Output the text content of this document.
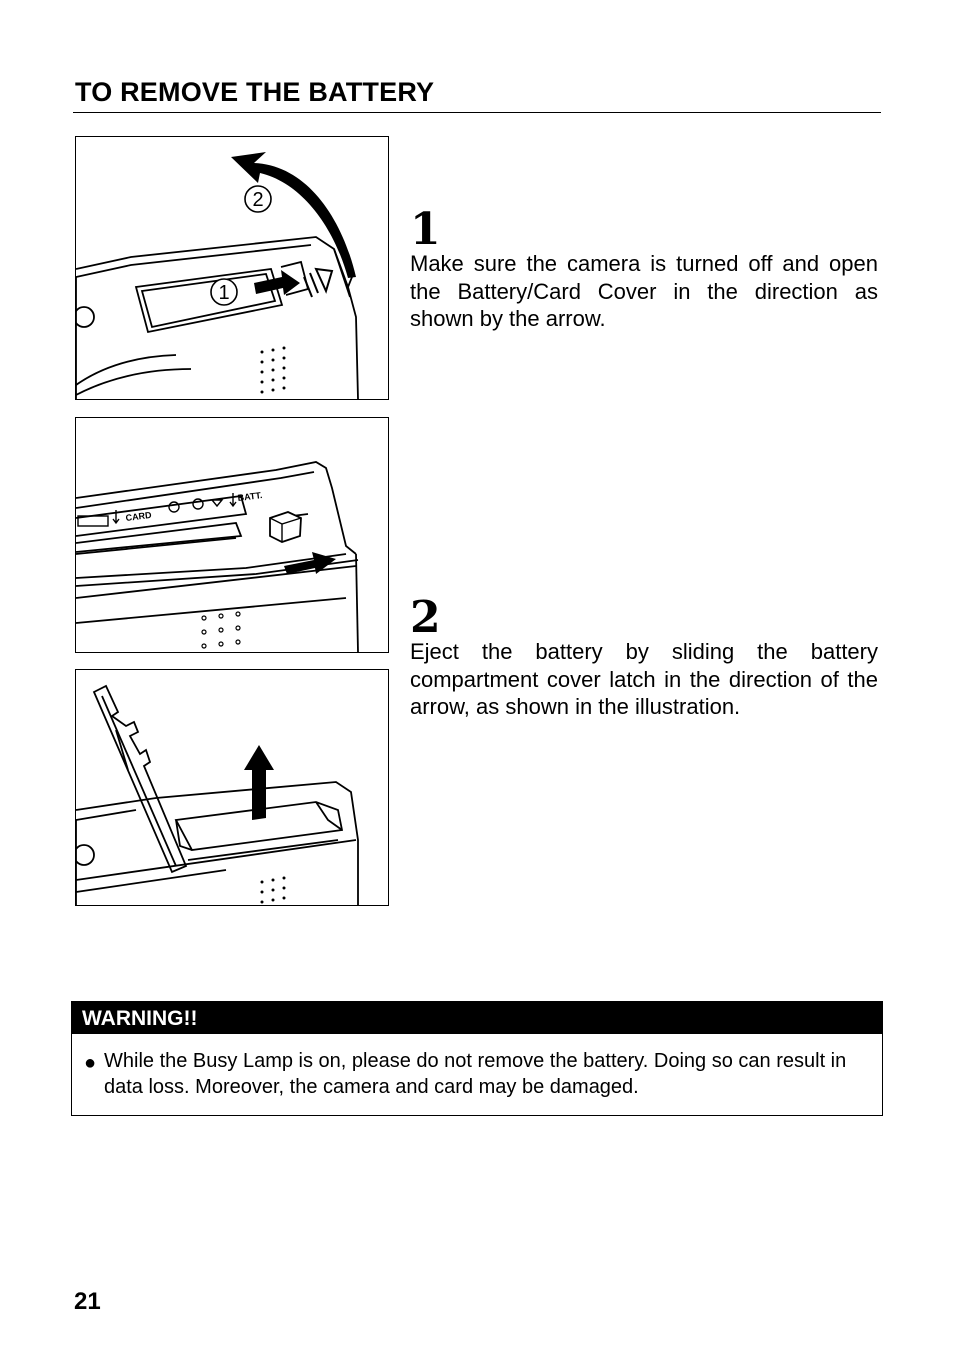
TO REMOVE THE BATTERY
1
2
CARD
BATT.
1
Make sure the camera is turned off and open the Battery/Card Cover in the direction as shown by the arrow.
2
Eject the battery by sliding the battery compartment cover latch in the direction of the arrow, as shown in the illustration.
WARNING!!
● While the Busy Lamp is on, please do not remove the battery. Doing so can result in data loss. Moreover, the camera and card may be damaged.
21
